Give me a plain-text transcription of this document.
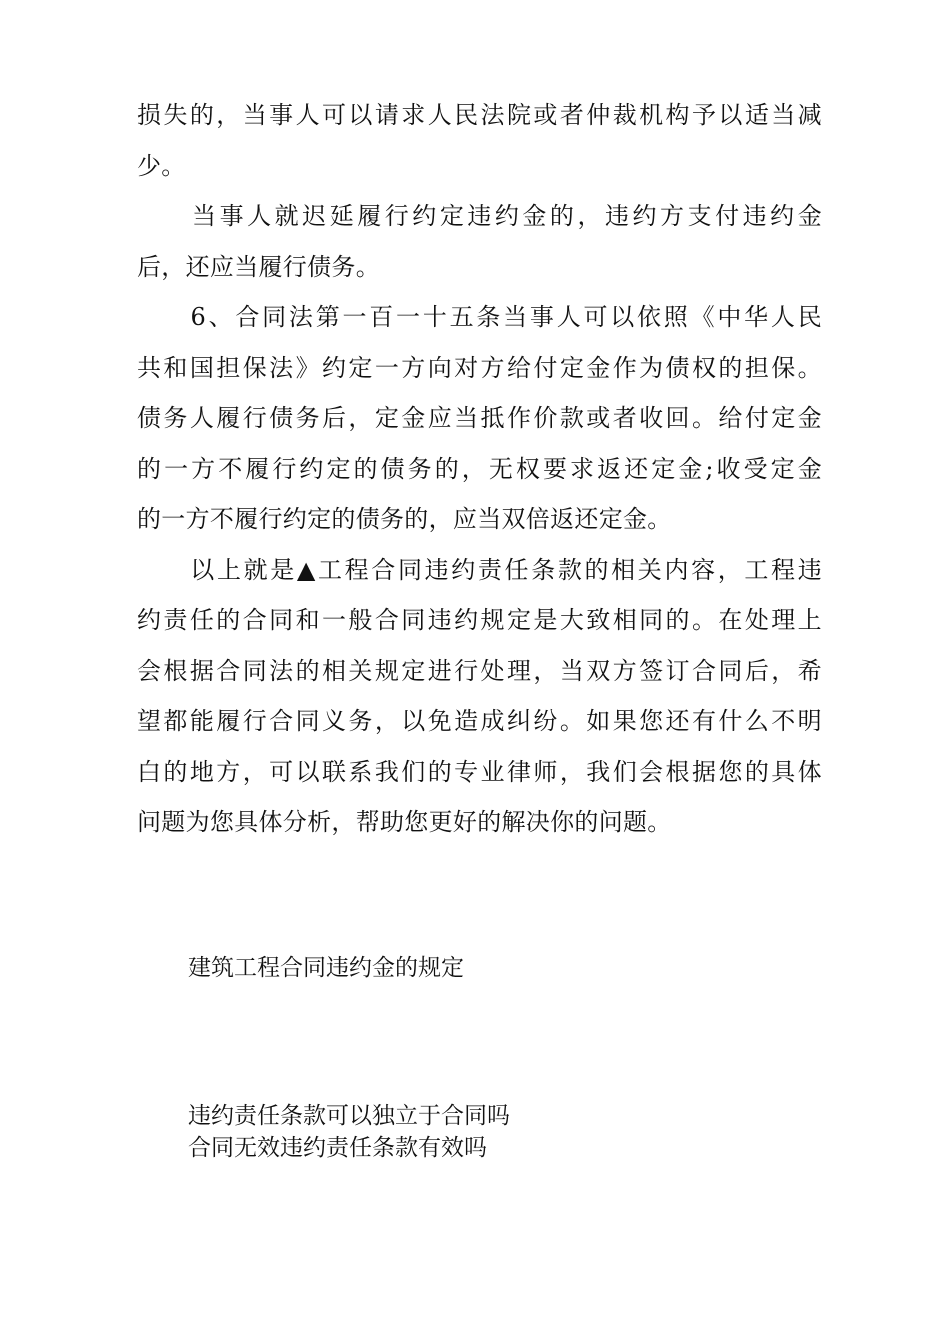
损失的，当事人可以请求人民法院或者仲裁机构予以适当减
少。
　　当事人就迟延履行约定违约金的，违约方支付违约金
后，还应当履行债务。
　　6、合同法第一百一十五条当事人可以依照《中华人民
共和国担保法》约定一方向对方给付定金作为债权的担保。
债务人履行债务后，定金应当抵作价款或者收回。给付定金
的一方不履行约定的债务的，无权要求返还定金;收受定金
的一方不履行约定的债务的，应当双倍返还定金。
　　以上就是▲工程合同违约责任条款的相关内容，工程违
约责任的合同和一般合同违约规定是大致相同的。在处理上
会根据合同法的相关规定进行处理，当双方签订合同后，希
望都能履行合同义务，以免造成纠纷。如果您还有什么不明
白的地方，可以联系我们的专业律师，我们会根据您的具体
问题为您具体分析，帮助您更好的解决你的问题。
建筑工程合同违约金的规定
违约责任条款可以独立于合同吗
合同无效违约责任条款有效吗
